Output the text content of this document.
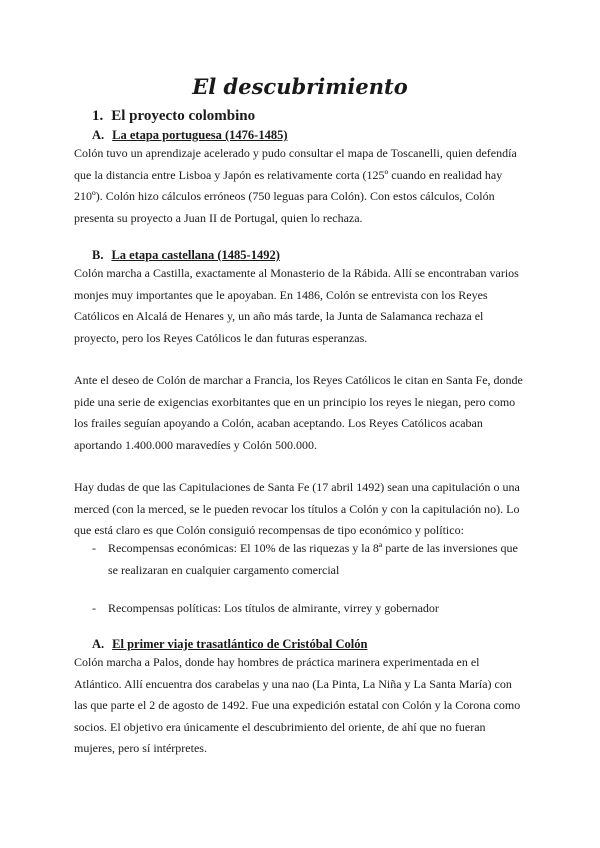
El descubrimiento
1. El proyecto colombino
A. La etapa portuguesa (1476-1485)
Colón tuvo un aprendizaje acelerado y pudo consultar el mapa de Toscanelli, quien defendía
que la distancia entre Lisboa y Japón es relativamente corta (125º cuando en realidad hay
210º). Colón hizo cálculos erróneos (750 leguas para Colón). Con estos cálculos, Colón
presenta su proyecto a Juan II de Portugal, quien lo rechaza.
B. La etapa castellana (1485-1492)
Colón marcha a Castilla, exactamente al Monasterio de la Rábida. Allí se encontraban varios
monjes muy importantes que le apoyaban. En 1486, Colón se entrevista con los Reyes
Católicos en Alcalá de Henares y, un año más tarde, la Junta de Salamanca rechaza el
proyecto, pero los Reyes Católicos le dan futuras esperanzas.
Ante el deseo de Colón de marchar a Francia, los Reyes Católicos le citan en Santa Fe, donde
pide una serie de exigencias exorbitantes que en un principio los reyes le niegan, pero como
los frailes seguían apoyando a Colón, acaban aceptando. Los Reyes Católicos acaban
aportando 1.400.000 maravedíes y Colón 500.000.
Hay dudas de que las Capitulaciones de Santa Fe (17 abril 1492) sean una capitulación o una
merced (con la merced, se le pueden revocar los títulos a Colón y con la capitulación no). Lo
que está claro es que Colón consiguió recompensas de tipo económico y político:
- Recompensas económicas: El 10% de las riquezas y la 8ª parte de las inversiones que
se realizaran en cualquier cargamento comercial
- Recompensas políticas: Los títulos de almirante, virrey y gobernador
A. El primer viaje trasatlántico de Cristóbal Colón
Colón marcha a Palos, donde hay hombres de práctica marinera experimentada en el
Atlántico. Allí encuentra dos carabelas y una nao (La Pinta, La Niña y La Santa María) con
las que parte el 2 de agosto de 1492. Fue una expedición estatal con Colón y la Corona como
socios. El objetivo era únicamente el descubrimiento del oriente, de ahí que no fueran
mujeres, pero sí intérpretes.
